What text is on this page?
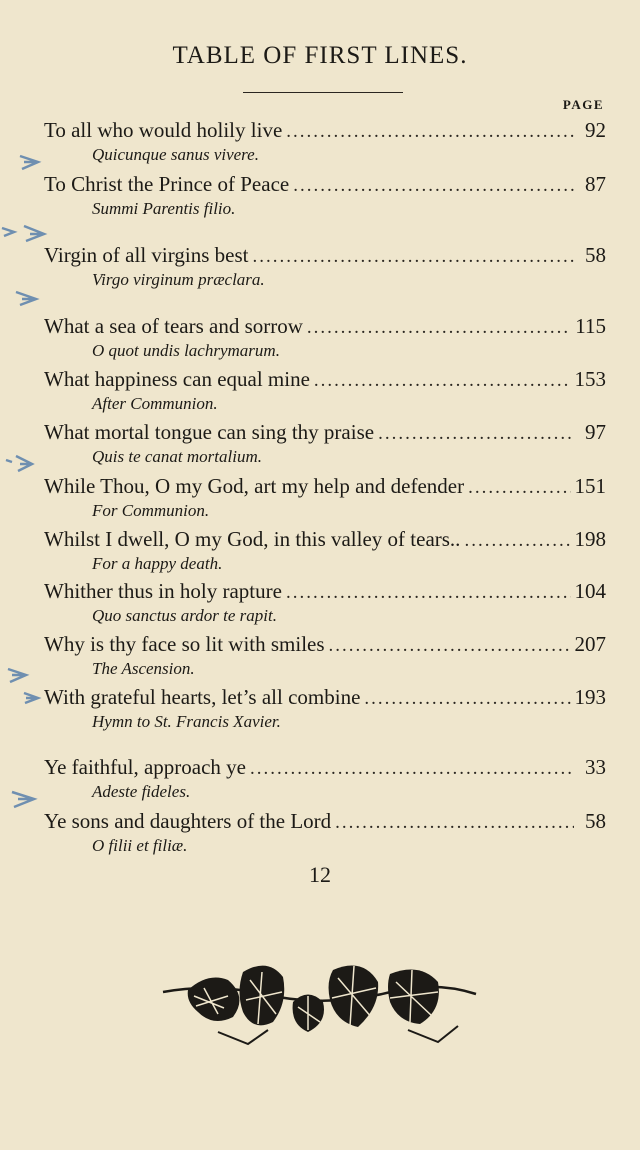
TABLE OF FIRST LINES.
PAGE
To all who would holily live .....	92
Quicunque sanus vivere.
To Christ the Prince of Peace .....	87
Summi Parentis filio.
Virgin of all virgins best .....	58
Virgo virginum præclara.
What a sea of tears and sorrow .....	115
O quot undis lachrymarum.
What happiness can equal mine .....	153
After Communion.
What mortal tongue can sing thy praise .....	97
Quis te canat mortalium.
While Thou, O my God, art my help and defender .....	151
For Communion.
Whilst I dwell, O my God, in this valley of tears.. .....	198
For a happy death.
Whither thus in holy rapture .....	104
Quo sanctus ardor te rapit.
Why is thy face so lit with smiles .....	207
The Ascension.
With grateful hearts, let’s all combine .....	193
Hymn to St. Francis Xavier.
Ye faithful, approach ye .....	33
Adeste fideles.
Ye sons and daughters of the Lord .....	58
O filii et filiæ.
12
